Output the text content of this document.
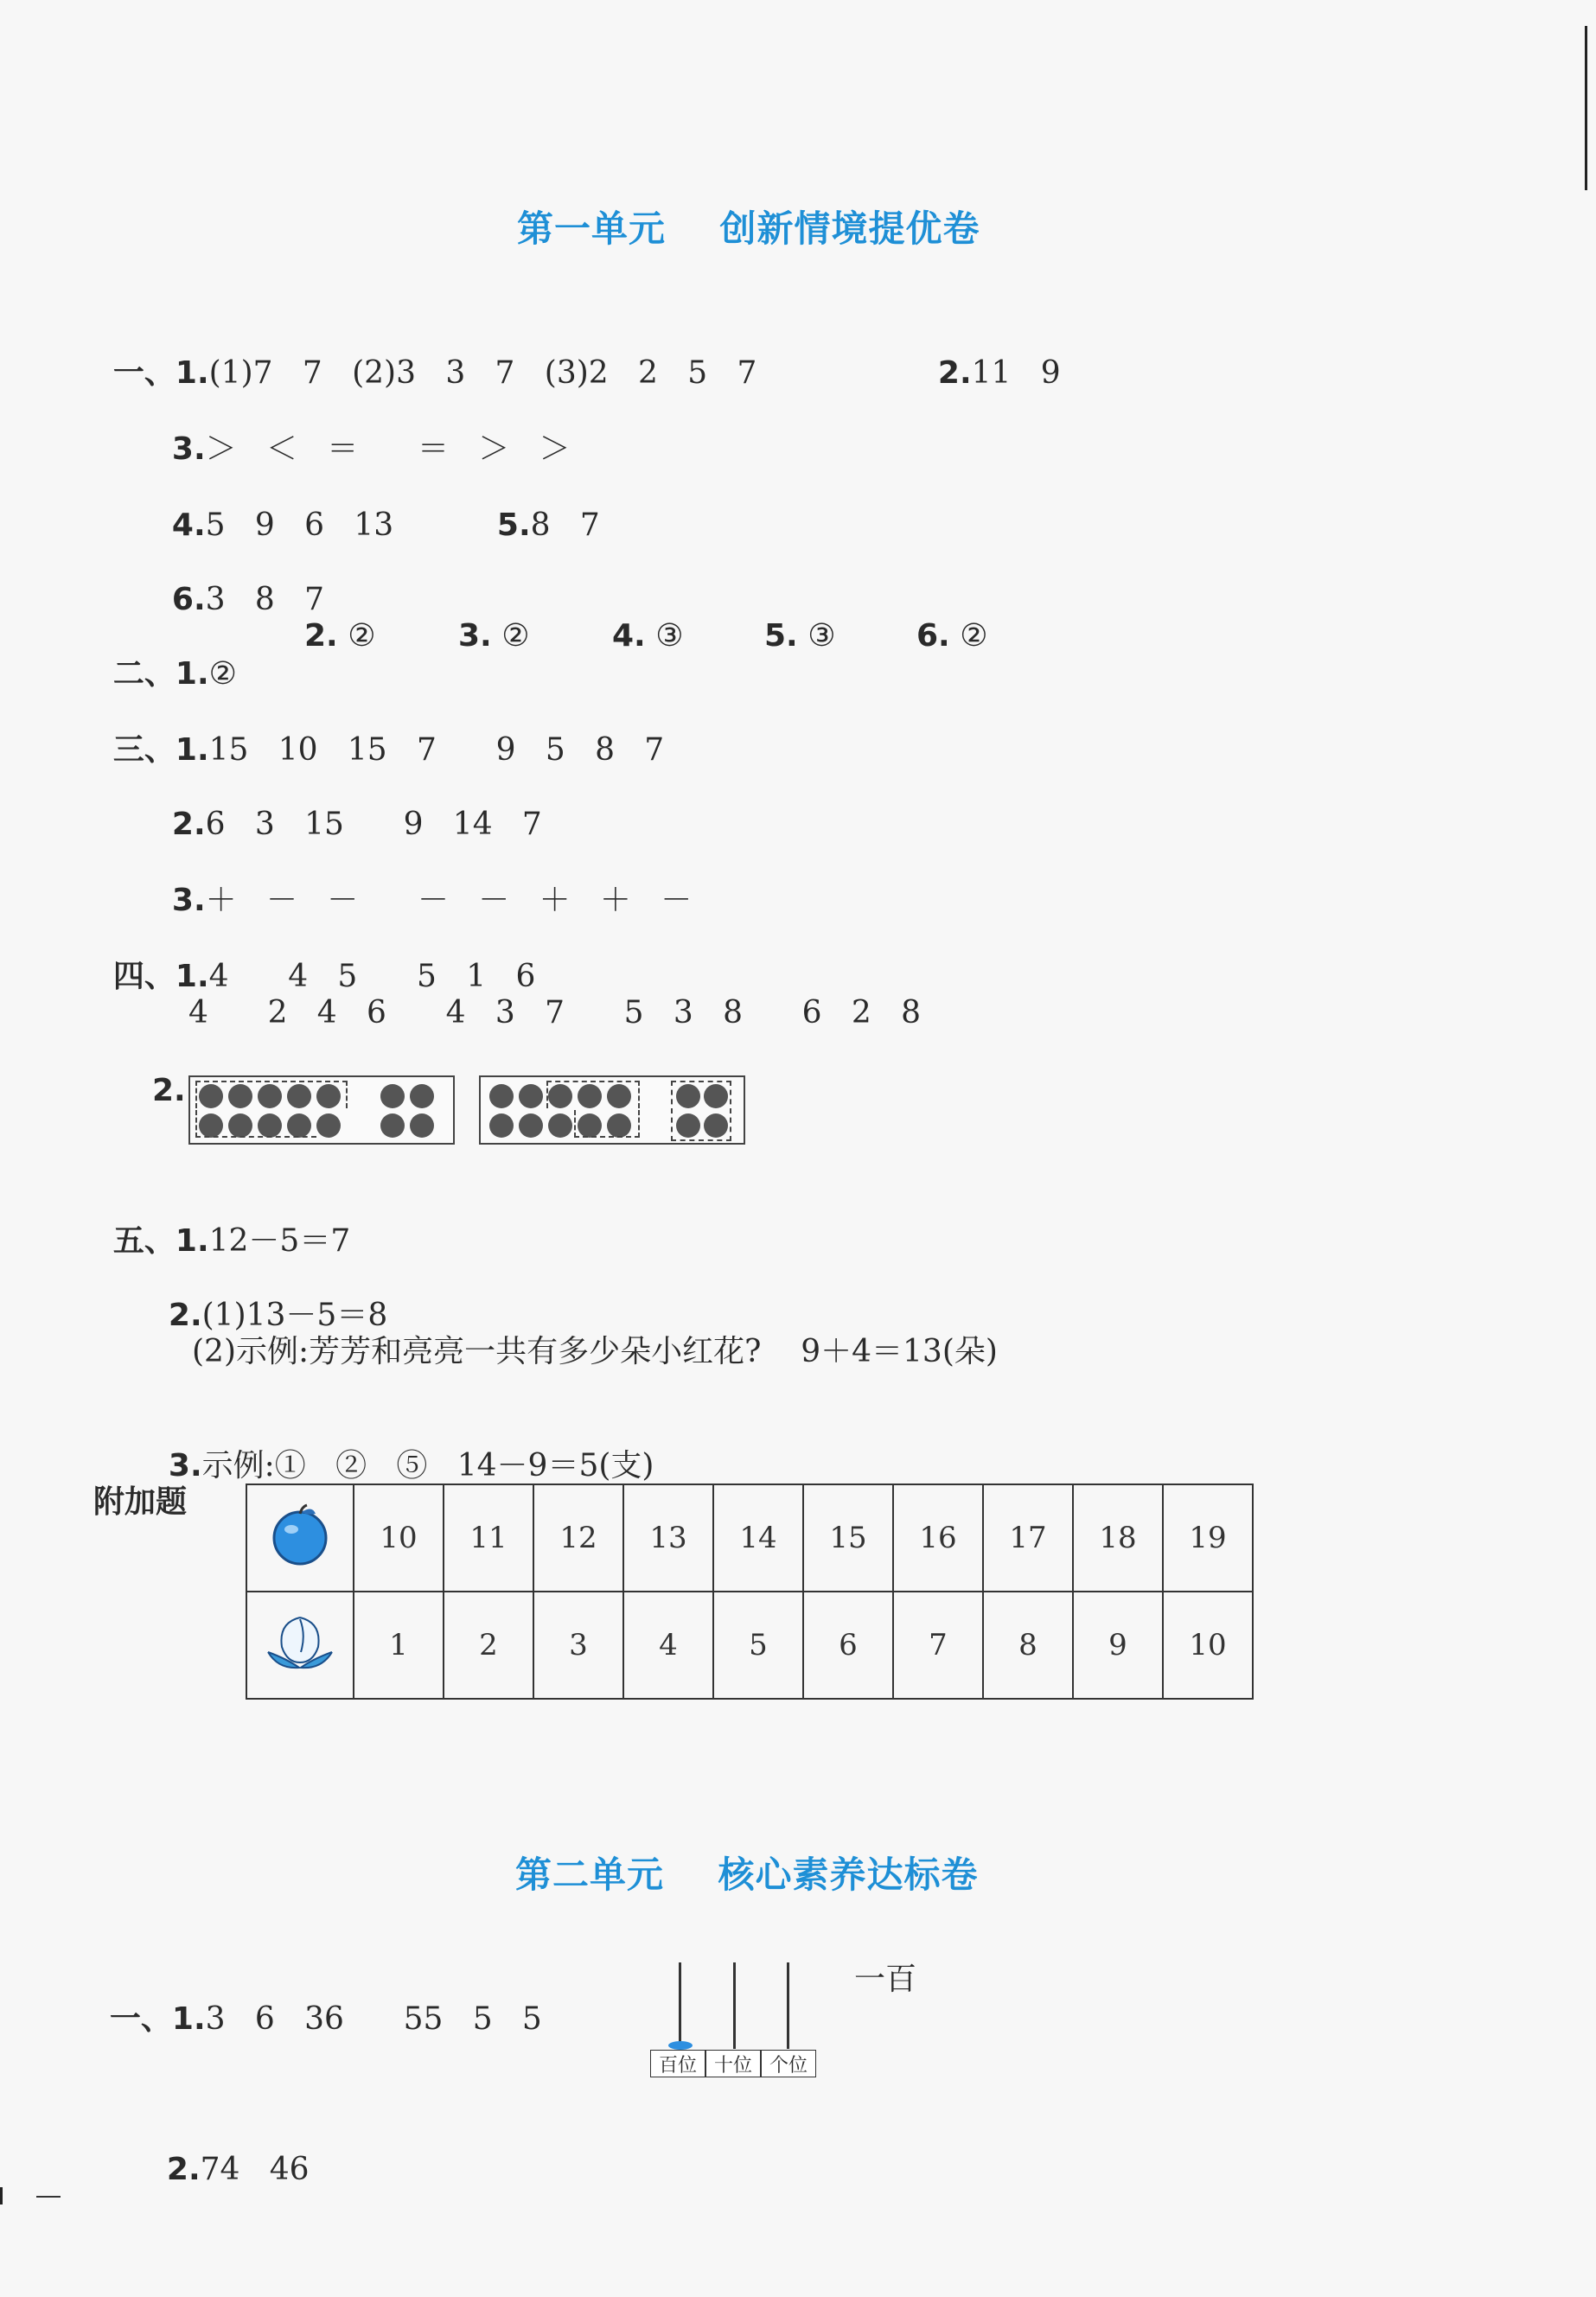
第一单元    创新情境提优卷

一、1.(1)7   7   (2)3   3   7   (3)2   2   5   7	2.11   9

3.＞   ＜   ＝      ＝   ＞   ＞

4.5   9   6   13	5.8   7

6.3   8   7

二、1.②

2. ②	3. ②	4. ③	5. ③	6. ②

三、1.15   10   15   7      9   5   8   7

2.6   3   15      9   14   7

3.＋   －   －      －   －   ＋   ＋   －

四、1.4      4   5      5   1   6

4      2   4   6      4   3   7      5   3   8      6   2   8
2.

五、1.12－5＝7

2.(1)13－5＝8

(2)示例:芳芳和亮亮一共有多少朵小红花?    9＋4＝13(朵)

3.示例:①   ②   ⑤   14－9＝5(支)

附加题
	10	11	12	13	14	15	16	17	18	19
	1	2	3	4	5	6	7	8	9	10
第二单元    核心素养达标卷

一、1.3   6   36      55   5   5

百位 十位 个位
一百

2.74   46
